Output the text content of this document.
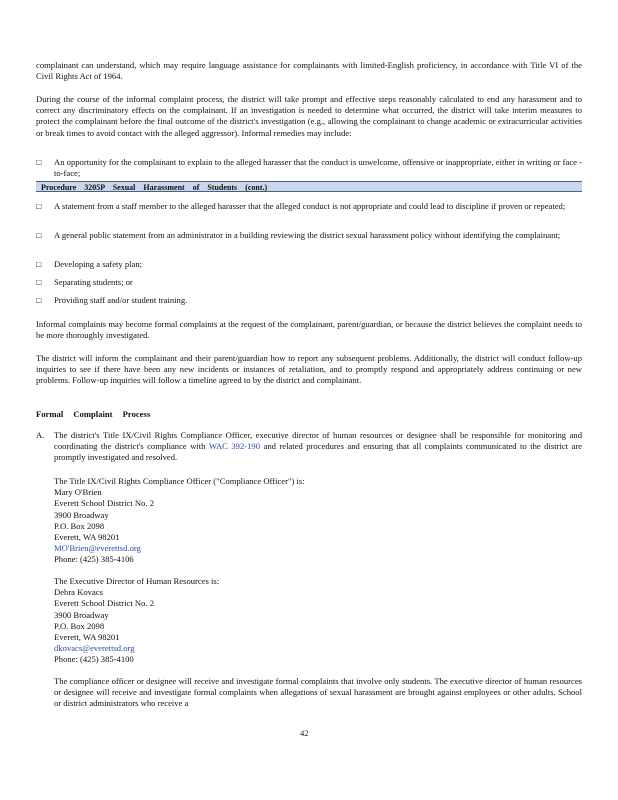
complainant can understand, which may require language assistance for complainants with limited-English proficiency, in accordance with Title VI of the Civil Rights Act of 1964.

During the course of the informal complaint process, the district will take prompt and effective steps reasonably calculated to end any harassment and to correct any discriminatory effects on the complainant. If an investigation is needed to determine what occurred, the district will take interim measures to protect the complainant before the final outcome of the district's investigation (e.g., allowing the complainant to change academic or extracurricular activities or break times to avoid contact with the alleged aggressor). Informal remedies may include:

□ An opportunity for the complainant to explain to the alleged harasser that the conduct is unwelcome, offensive or inappropriate, either in writing or face - to-face;

Procedure 3205P Sexual Harassment of Students (cont.)
□ A statement from a staff member to the alleged harasser that the alleged conduct is not appropriate and could lead to discipline if proven or repeated;

□ A general public statement from an administrator in a building reviewing the district sexual harassment policy without identifying the complainant;

□ Developing a safety plan;

□ Separating students; or

□ Providing staff and/or student training.

Informal complaints may become formal complaints at the request of the complainant, parent/guardian, or because the district believes the complaint needs to be more thoroughly investigated.

The district will inform the complainant and their parent/guardian how to report any subsequent problems. Additionally, the district will conduct follow-up inquiries to see if there have been any new incidents or instances of retaliation, and to promptly respond and appropriately address continuing or new problems. Follow-up inquiries will follow a timeline agreed to by the district and complainant.

Formal Complaint Process
A. The district's Title IX/Civil Rights Compliance Officer, executive director of human resources or designee shall be responsible for monitoring and coordinating the district's compliance with WAC 392-190 and related procedures and ensuring that all complaints communicated to the district are promptly investigated and resolved.

The Title IX/Civil Rights Compliance Officer ("Compliance Officer") is:
Mary O'Brien
Everett School District No. 2
3900 Broadway
P.O. Box 2098
Everett, WA 98201
MO'Brien@everettsd.org
Phone: (425) 385-4106
The Executive Director of Human Resources is:
Debra Kovacs
Everett School District No. 2
3900 Broadway
P.O. Box 2098
Everett, WA 98201
dkovacs@everettsd.org
Phone: (425) 385-4100

The compliance officer or designee will receive and investigate formal complaints that involve only students. The executive director of human resources or designee will receive and investigate formal complaints when allegations of sexual harassment are brought against employees or other adults. School or district administrators who receive a

42
